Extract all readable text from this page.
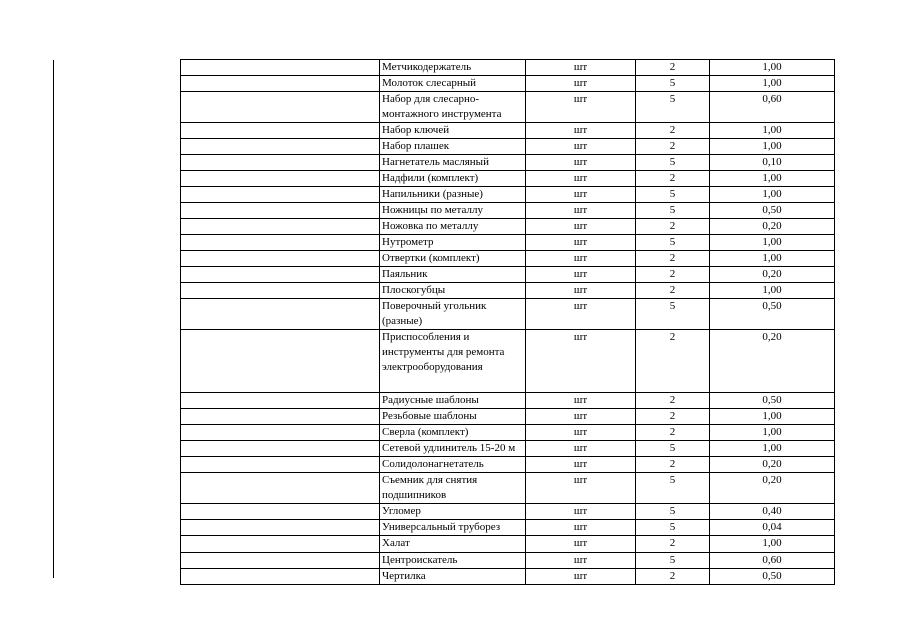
	Метчикодержатель	шт	2	1,00
	Молоток слесарный	шт	5	1,00
	Набор для слесарно-монтажного инструмента	шт	5	0,60
	Набор ключей	шт	2	1,00
	Набор плашек	шт	2	1,00
	Нагнетатель масляный	шт	5	0,10
	Надфили (комплект)	шт	2	1,00
	Напильники (разные)	шт	5	1,00
	Ножницы по металлу	шт	5	0,50
	Ножовка по металлу	шт	2	0,20
	Нутрометр	шт	5	1,00
	Отвертки (комплект)	шт	2	1,00
	Паяльник	шт	2	0,20
	Плоскогубцы	шт	2	1,00
	Поверочный угольник (разные)	шт	5	0,50
	Приспособления и инструменты для ремонта электрооборудования	шт	2	0,20
	Радиусные шаблоны	шт	2	0,50
	Резьбовые шаблоны	шт	2	1,00
	Сверла (комплект)	шт	2	1,00
	Сетевой удлинитель 15-20 м	шт	5	1,00
	Солидолонагнетатель	шт	2	0,20
	Съемник для снятия подшипников	шт	5	0,20
	Угломер	шт	5	0,40
	Универсальный труборез	шт	5	0,04
	Халат	шт	2	1,00
	Центроискатель	шт	5	0,60
	Чертилка	шт	2	0,50
